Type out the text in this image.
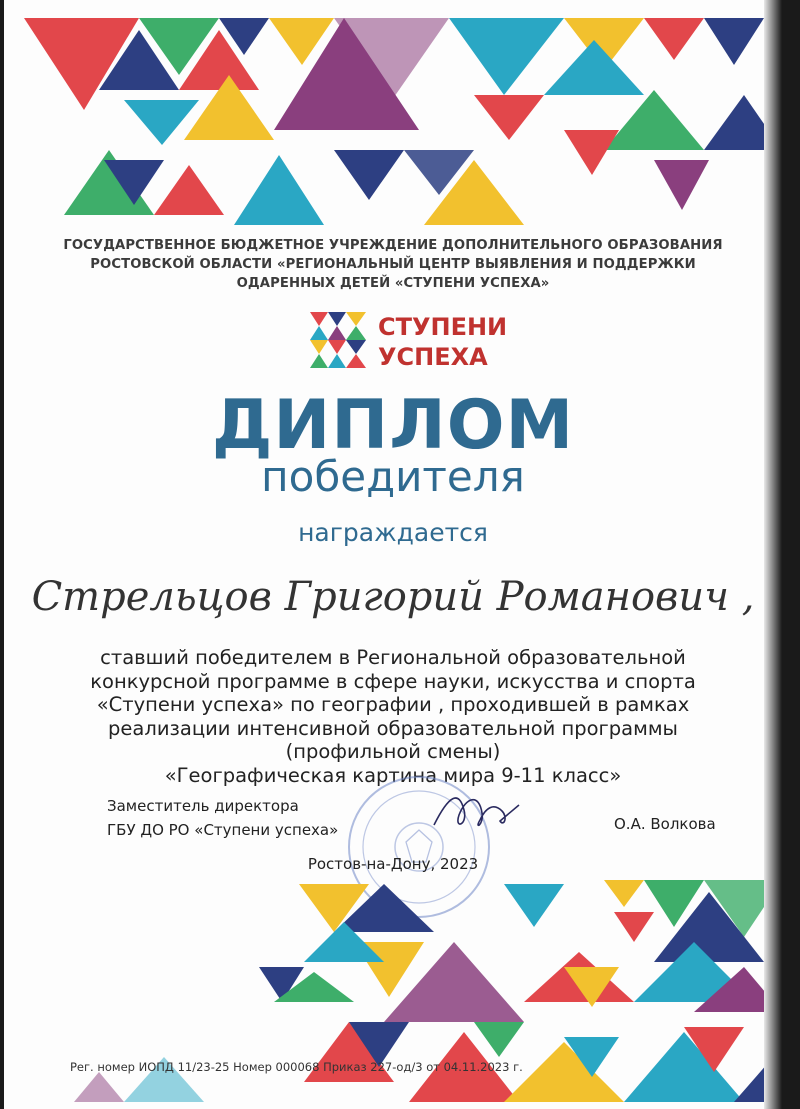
ГОСУДАРСТВЕННОЕ БЮДЖЕТНОЕ УЧРЕЖДЕНИЕ ДОПОЛНИТЕЛЬНОГО ОБРАЗОВАНИЯ
РОСТОВСКОЙ ОБЛАСТИ «РЕГИОНАЛЬНЫЙ ЦЕНТР ВЫЯВЛЕНИЯ И ПОДДЕРЖКИ
ОДАРЕННЫХ ДЕТЕЙ «СТУПЕНИ УСПЕХА»
СТУПЕНИ
УСПЕХА
ДИПЛОМ
победителя
награждается
Стрельцов Григорий Романович ,
ставший победителем в Региональной образовательной
конкурсной программе в сфере науки, искусства и спорта
«Ступени успеха» по географии , проходившей в рамках
реализации интенсивной образовательной программы
(профильной смены)
«Географическая картина мира 9-11 класс»
Заместитель директора
ГБУ ДО РО «Ступени успеха»	О.А. Волкова
Ростов-на-Дону, 2023
Рег. номер ИОПД 11/23-25 Номер 000068 Приказ 227-од/3 от 04.11.2023 г.
